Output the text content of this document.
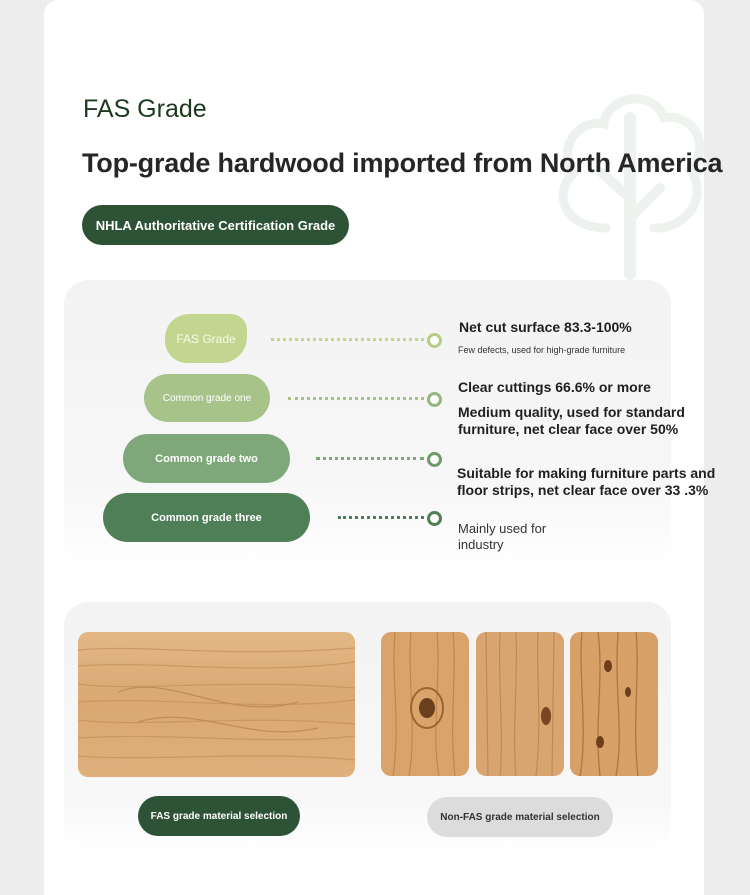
FAS Grade
Top-grade hardwood imported from North America
NHLA Authoritative Certification Grade
FAS Grade
Common grade one
Common grade two
Common grade three

Net cut surface 83.3-100%

Few defects, used for high-grade furniture

Clear cuttings 66.6% or more

Medium quality, used for standard furniture, net clear face over 50%

Suitable for making furniture parts and floor strips, net clear face over 33 .3%

Mainly used for industry

FAS grade material selection	Non-FAS grade material selection
